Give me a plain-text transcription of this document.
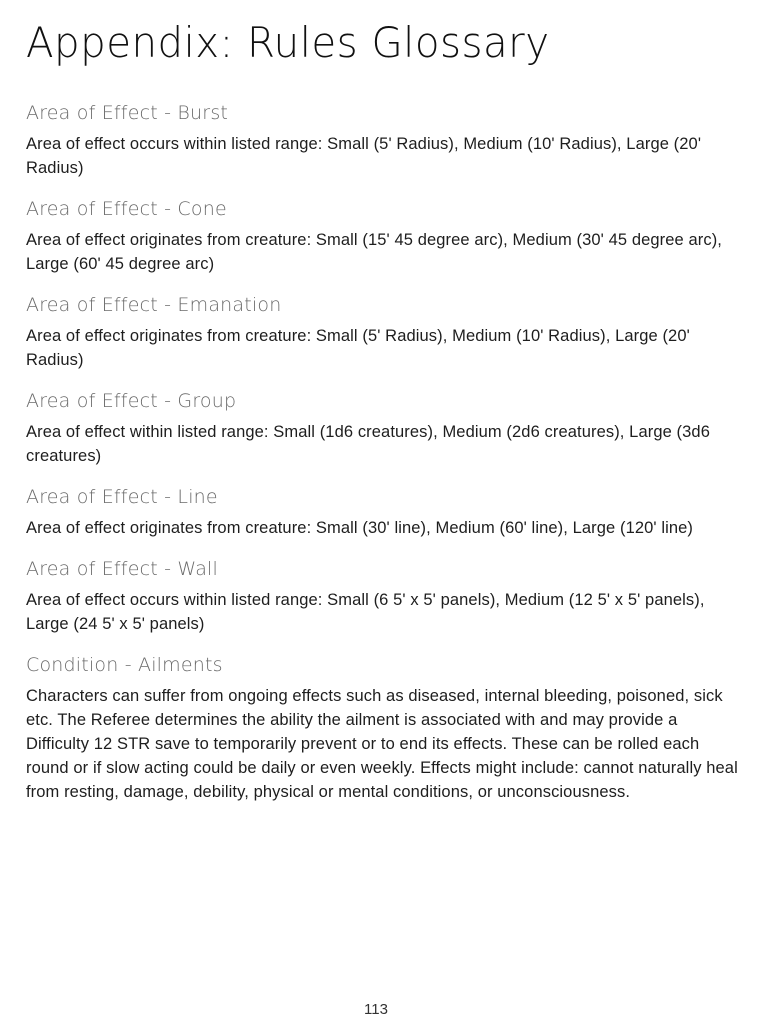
Appendix: Rules Glossary
Area of Effect - Burst

Area of effect occurs within listed range: Small (5' Radius), Medium (10' Radius), Large (20' Radius)

Area of Effect - Cone

Area of effect originates from creature: Small (15' 45 degree arc), Medium (30' 45 degree arc), Large (60' 45 degree arc)

Area of Effect - Emanation

Area of effect originates from creature: Small (5' Radius), Medium (10' Radius), Large (20' Radius)

Area of Effect - Group

Area of effect within listed range: Small (1d6 creatures), Medium (2d6 creatures), Large (3d6 creatures)

Area of Effect - Line

Area of effect originates from creature: Small (30' line), Medium (60' line), Large (120' line)

Area of Effect - Wall

Area of effect occurs within listed range: Small (6 5' x 5' panels), Medium (12 5' x 5' panels), Large (24 5' x 5' panels)

Condition - Ailments

Characters can suffer from ongoing effects such as diseased, internal bleeding, poisoned, sick etc. The Referee determines the ability the ailment is associated with and may provide a Difficulty 12 STR save to temporarily prevent or to end its effects. These can be rolled each round or if slow acting could be daily or even weekly. Effects might include: cannot naturally heal from resting, damage, debility, physical or mental conditions, or unconsciousness.

113
